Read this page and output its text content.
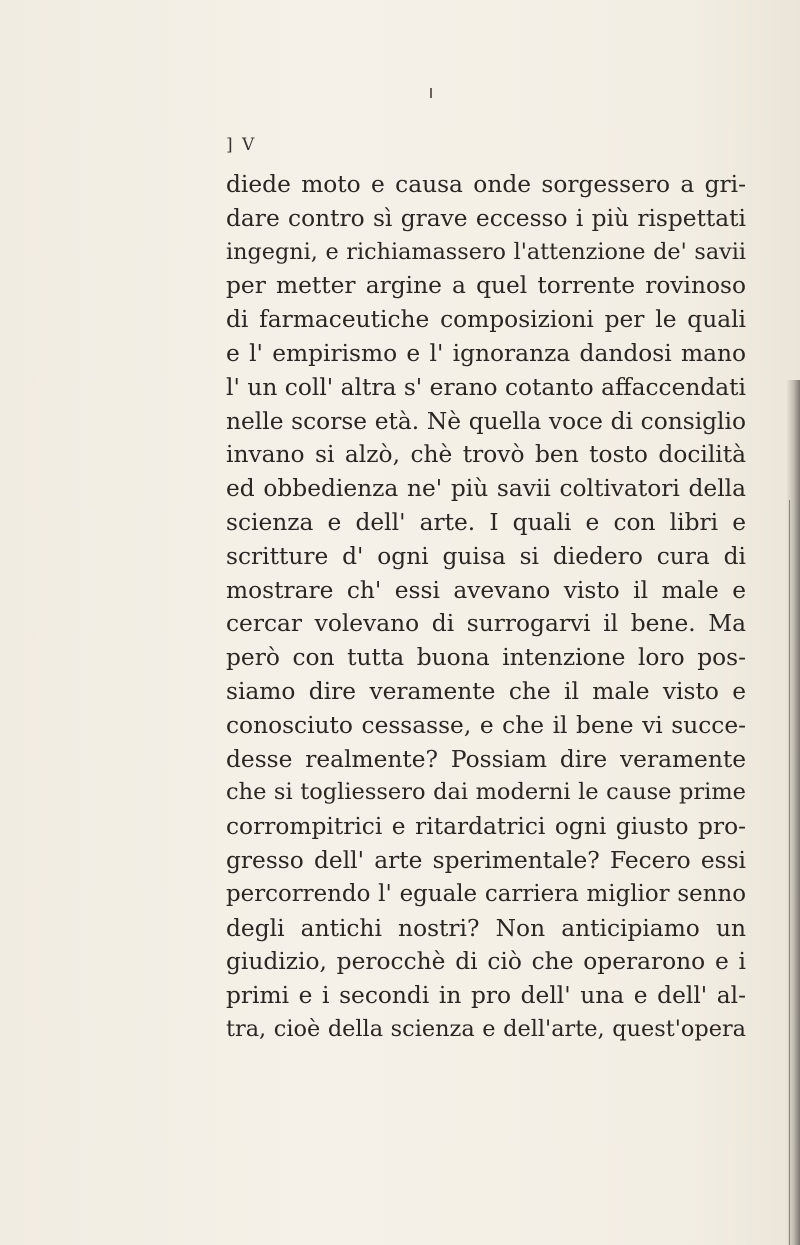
] V
diede moto e causa onde sorgessero a gri-
dare contro sì grave eccesso i più rispettati
ingegni, e richiamassero l'attenzione de' savii
per metter argine a quel torrente rovinoso
di farmaceutiche composizioni per le quali
e l' empirismo e l' ignoranza dandosi mano
l' un coll' altra s' erano cotanto affaccendati
nelle scorse età. Nè quella voce di consiglio
invano si alzò, chè trovò ben tosto docilità
ed obbedienza ne' più savii coltivatori della
scienza e dell' arte. I quali e con libri e
scritture d' ogni guisa si diedero cura di
mostrare ch' essi avevano visto il male e
cercar volevano di surrogarvi il bene. Ma
però con tutta buona intenzione loro pos-
siamo dire veramente che il male visto e
conosciuto cessasse, e che il bene vi succe-
desse realmente? Possiam dire veramente
che si togliessero dai moderni le cause prime
corrompitrici e ritardatrici ogni giusto pro-
gresso dell' arte sperimentale? Fecero essi
percorrendo l' eguale carriera miglior senno
degli antichi nostri? Non anticipiamo un
giudizio, perocchè di ciò che operarono e i
primi e i secondi in pro dell' una e dell' al-
tra, cioè della scienza e dell'arte, quest'opera
